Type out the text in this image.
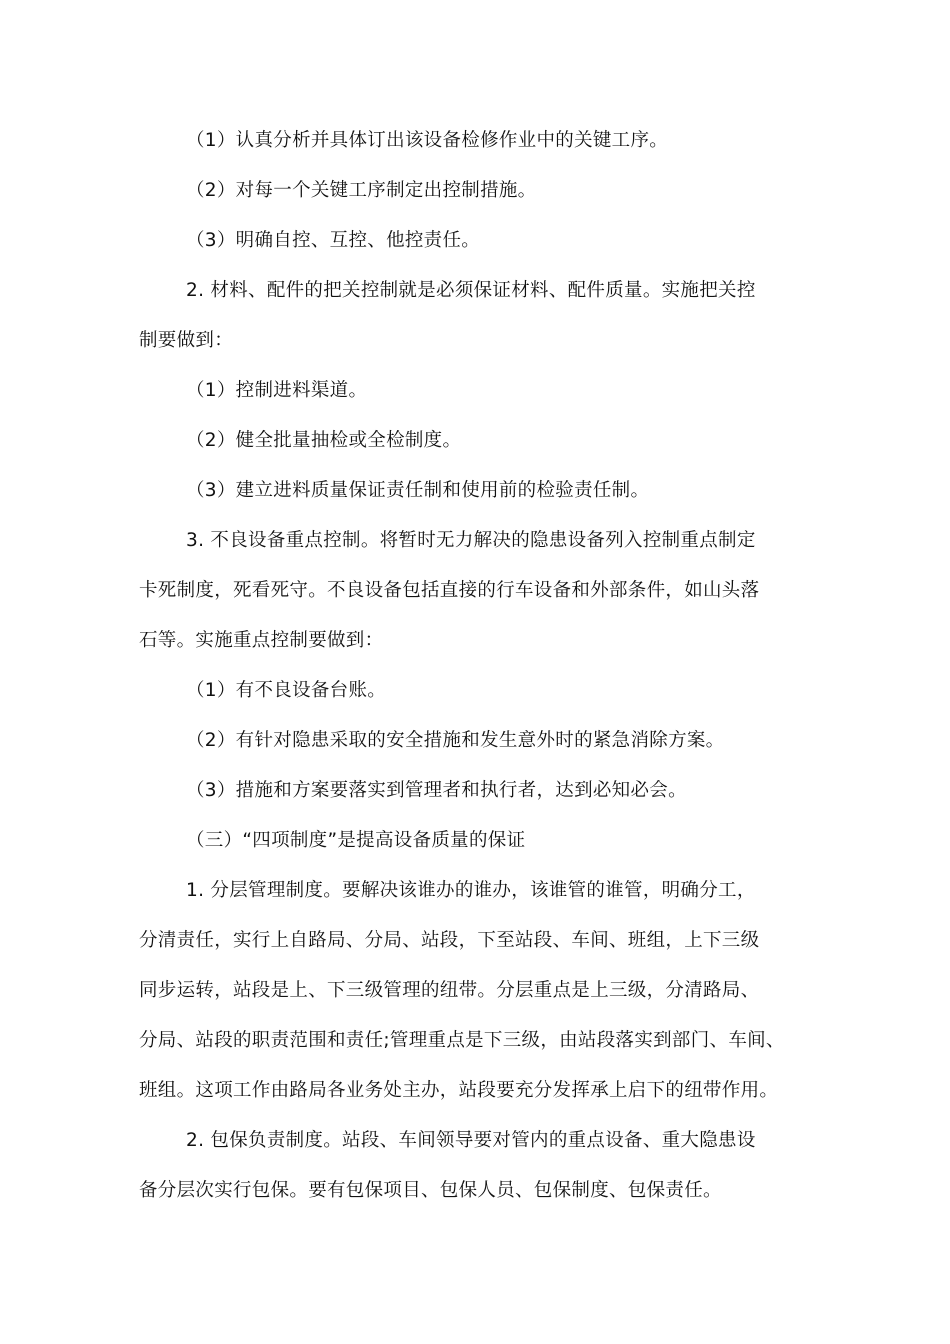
（1）认真分析并具体订出该设备检修作业中的关键工序。
（2）对每一个关键工序制定出控制措施。
（3）明确自控、互控、他控责任。
2. 材料、配件的把关控制就是必须保证材料、配件质量。实施把关控
制要做到：
（1）控制进料渠道。
（2）健全批量抽检或全检制度。
（3）建立进料质量保证责任制和使用前的检验责任制。
3. 不良设备重点控制。将暂时无力解决的隐患设备列入控制重点制定
卡死制度，死看死守。不良设备包括直接的行车设备和外部条件，如山头落
石等。实施重点控制要做到：
（1）有不良设备台账。
（2）有针对隐患采取的安全措施和发生意外时的紧急消除方案。
（3）措施和方案要落实到管理者和执行者，达到必知必会。
（三）“四项制度”是提高设备质量的保证
1. 分层管理制度。要解决该谁办的谁办，该谁管的谁管，明确分工，
分清责任，实行上自路局、分局、站段，下至站段、车间、班组，上下三级
同步运转，站段是上、下三级管理的纽带。分层重点是上三级，分清路局、
分局、站段的职责范围和责任;管理重点是下三级，由站段落实到部门、车间、
班组。这项工作由路局各业务处主办，站段要充分发挥承上启下的纽带作用。
2. 包保负责制度。站段、车间领导要对管内的重点设备、重大隐患设
备分层次实行包保。要有包保项目、包保人员、包保制度、包保责任。
